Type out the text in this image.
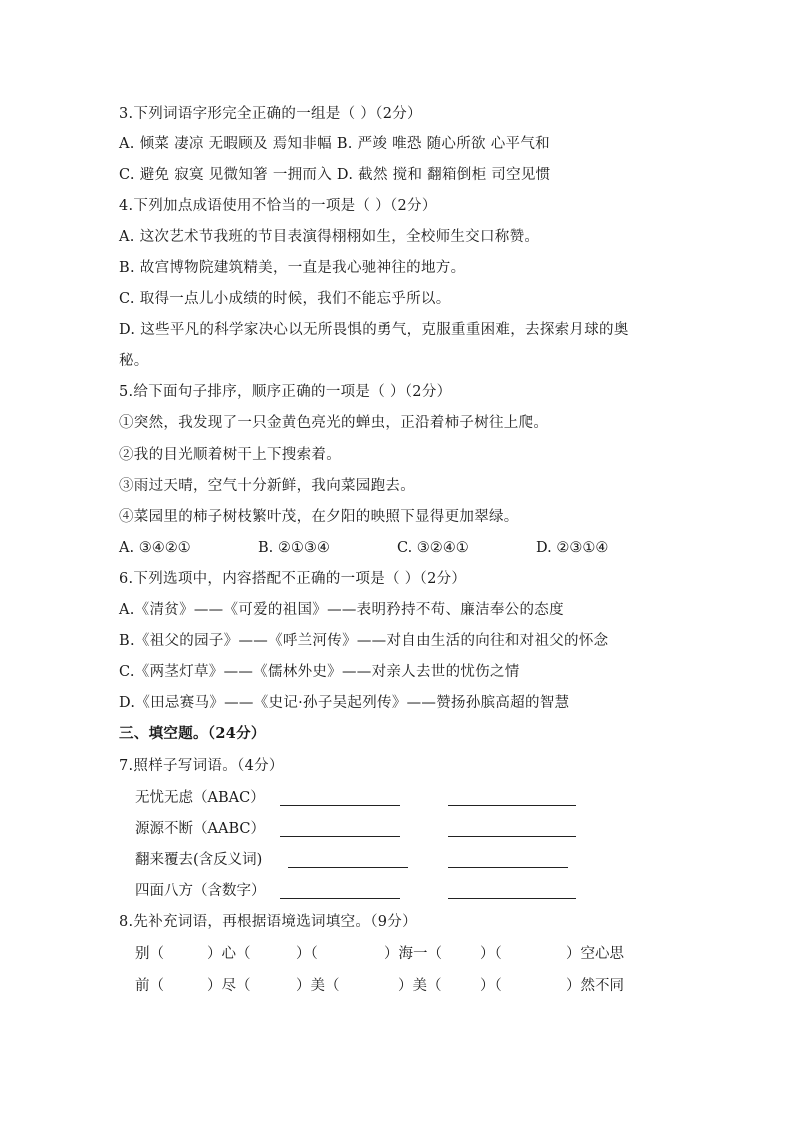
3.下列词语字形完全正确的一组是（ ）（2分）
A. 倾菜 凄凉 无暇顾及 焉知非幅 B. 严竣 唯恐 随心所欲 心平气和
C. 避免 寂寞 见微知箸 一拥而入 D. 截然 搅和 翻箱倒柜 司空见惯
4.下列加点成语使用不恰当的一项是（ ）（2分）
A. 这次艺术节我班的节目表演得栩栩如生，全校师生交口称赞。
B. 故宫博物院建筑精美，一直是我心驰神往的地方。
C. 取得一点儿小成绩的时候，我们不能忘乎所以。
D. 这些平凡的科学家决心以无所畏惧的勇气，克服重重困难，去探索月球的奥
秘。
5.给下面句子排序，顺序正确的一项是（ ）（2分）
①突然，我发现了一只金黄色亮光的蝉虫，正沿着柿子树往上爬。
②我的目光顺着树干上下搜索着。
③雨过天晴，空气十分新鲜，我向菜园跑去。
④菜园里的柿子树枝繁叶茂，在夕阳的映照下显得更加翠绿。
A. ③④②①	B. ②①③④	C. ③②④①	D. ②③①④
6.下列选项中，内容搭配不正确的一项是（ ）（2分）
A.《清贫》——《可爱的祖国》——表明矜持不苟、廉洁奉公的态度
B.《祖父的园子》——《呼兰河传》——对自由生活的向往和对祖父的怀念
C.《两茎灯草》——《儒林外史》——对亲人去世的忧伤之情
D.《田忌赛马》——《史记·孙子吴起列传》——赞扬孙膑高超的智慧
三、填空题。（24分）
7.照样子写词语。（4分）
无忧无虑（ABAC）
源源不断（AABC）
翻来覆去(含反义词)
四面八方（含数字）
8.先补充词语，再根据语境选词填空。（9分）
别（	）心（	）（	）海一（	）（	）空心思
前（	）尽（	）美（	）美（	）（	）然不同
